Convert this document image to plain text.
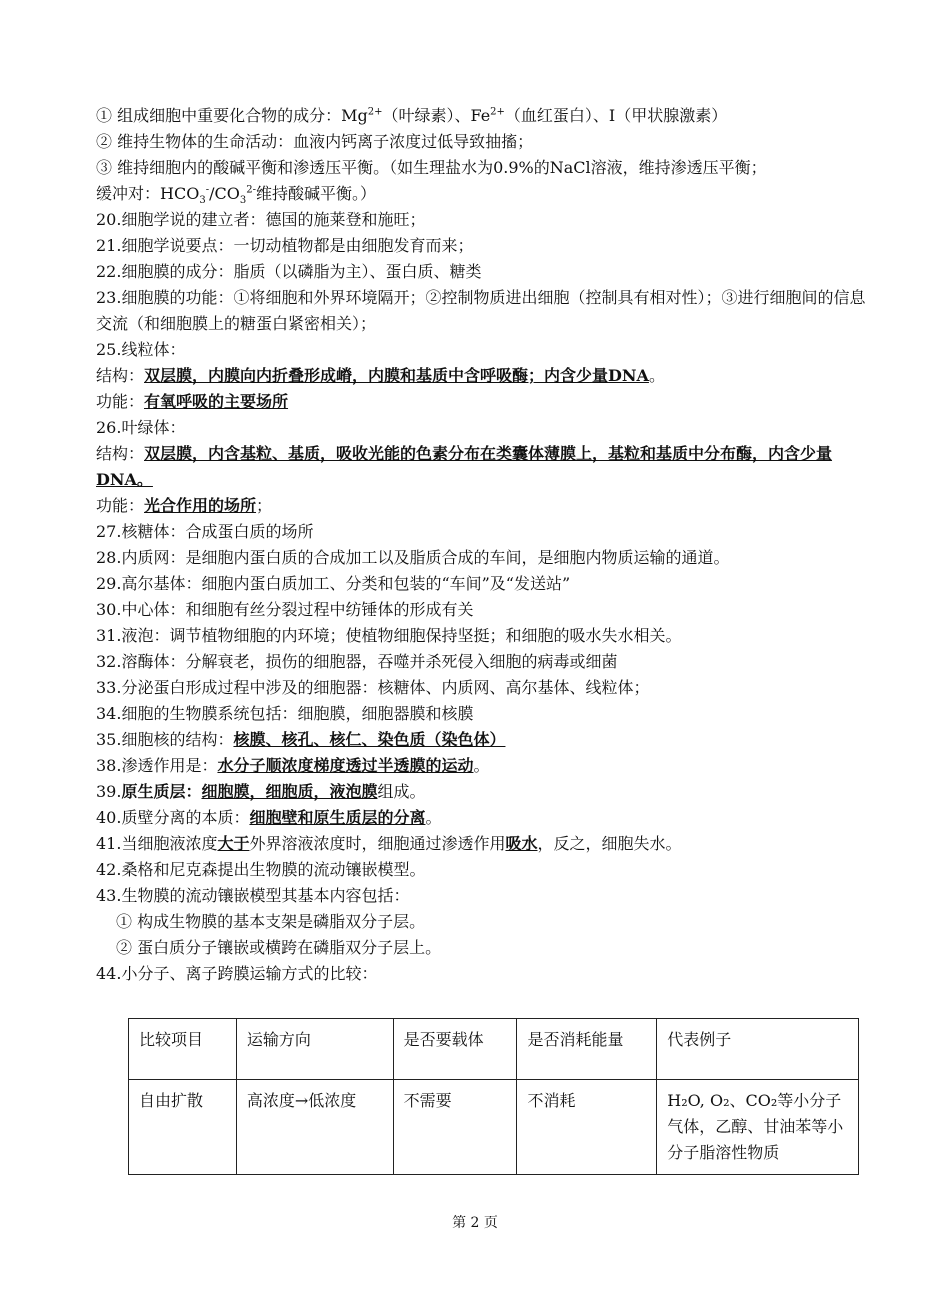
① 组成细胞中重要化合物的成分：$Mg^{2+}$（叶绿素）、$Fe^{2+}$（血红蛋白）、I（甲状腺激素）
② 维持生物体的生命活动：血液内钙离子浓度过低导致抽搐；
③ 维持细胞内的酸碱平衡和渗透压平衡。（如生理盐水为0.9%的NaCl溶液，维持渗透压平衡；
缓冲对：$HCO_3^-/CO_3^{2-}$维持酸碱平衡。）
20.细胞学说的建立者：德国的施莱登和施旺；
21.细胞学说要点：一切动植物都是由细胞发育而来；
22.细胞膜的成分：脂质（以磷脂为主）、蛋白质、糖类
23.细胞膜的功能：①将细胞和外界环境隔开；②控制物质进出细胞（控制具有相对性）；③进行细胞间的信息交流（和细胞膜上的糖蛋白紧密相关）；
25.线粒体：
结构：双层膜，内膜向内折叠形成嵴，内膜和基质中含呼吸酶；内含少量DNA。
功能：有氧呼吸的主要场所
26.叶绿体：
结构：双层膜，内含基粒、基质，吸收光能的色素分布在类囊体薄膜上，基粒和基质中分布酶，内含少量DNA。
功能：光合作用的场所；
27.核糖体：合成蛋白质的场所
28.内质网：是细胞内蛋白质的合成加工以及脂质合成的车间，是细胞内物质运输的通道。
29.高尔基体：细胞内蛋白质加工、分类和包装的“车间”及“发送站”
30.中心体：和细胞有丝分裂过程中纺锤体的形成有关
31.液泡：调节植物细胞的内环境；使植物细胞保持坚挺；和细胞的吸水失水相关。
32.溶酶体：分解衰老，损伤的细胞器，吞噬并杀死侵入细胞的病毒或细菌
33.分泌蛋白形成过程中涉及的细胞器：核糖体、内质网、高尔基体、线粒体；
34.细胞的生物膜系统包括：细胞膜，细胞器膜和核膜
35.细胞核的结构：核膜、核孔、核仁、染色质（染色体）
38.渗透作用是：水分子顺浓度梯度透过半透膜的运动。
39.原生质层：细胞膜，细胞质，液泡膜组成。
40.质壁分离的本质：细胞壁和原生质层的分离。
41.当细胞液浓度大于外界溶液浓度时，细胞通过渗透作用吸水，反之，细胞失水。
42.桑格和尼克森提出生物膜的流动镶嵌模型。
43.生物膜的流动镶嵌模型其基本内容包括：
① 构成生物膜的基本支架是磷脂双分子层。
② 蛋白质分子镶嵌或横跨在磷脂双分子层上。
44.小分子、离子跨膜运输方式的比较：
比较项目	运输方向	是否要载体	是否消耗能量	代表例子
自由扩散	高浓度→低浓度	不需要	不消耗	H₂O, O₂、CO₂等小分子气体，乙醇、甘油苯等小分子脂溶性物质
第 2 页
